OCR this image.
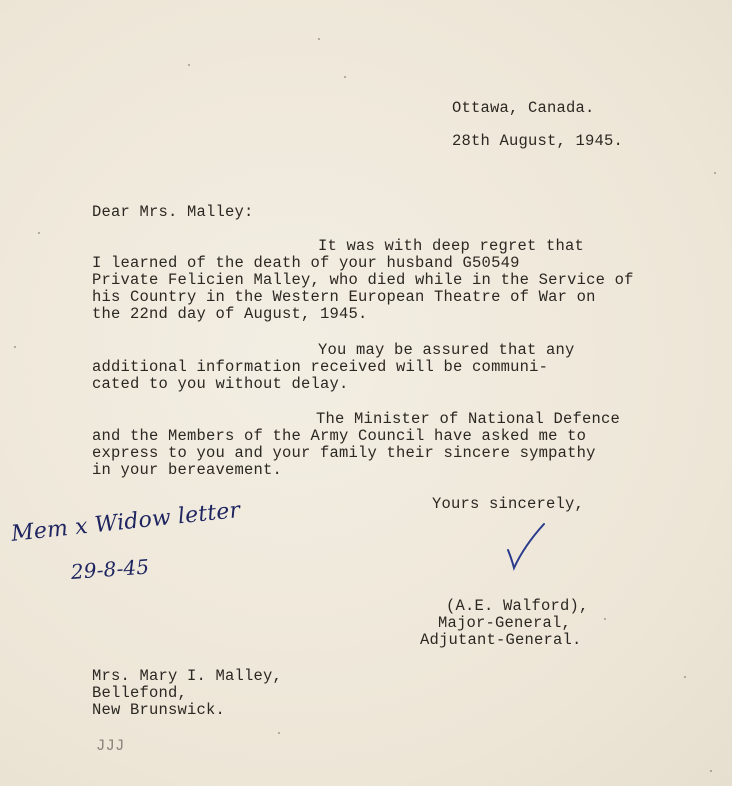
Ottawa, Canada.
28th August, 1945.
Dear Mrs. Malley:
It was with deep regret that
I learned of the death of your husband G50549
Private Felicien Malley, who died while in the Service of
his Country in the Western European Theatre of War on
the 22nd day of August, 1945.
You may be assured that any
additional information received will be communi-
cated to you without delay.
The Minister of National Defence
and the Members of the Army Council have asked me to
express to you and your family their sincere sympathy
in your bereavement.
Yours sincerely,
Mem x Widow letter
29-8-45
(A.E. Walford),
Major-General,
Adjutant-General.
Mrs. Mary I. Malley,
Bellefond,
New Brunswick.
JJJ
